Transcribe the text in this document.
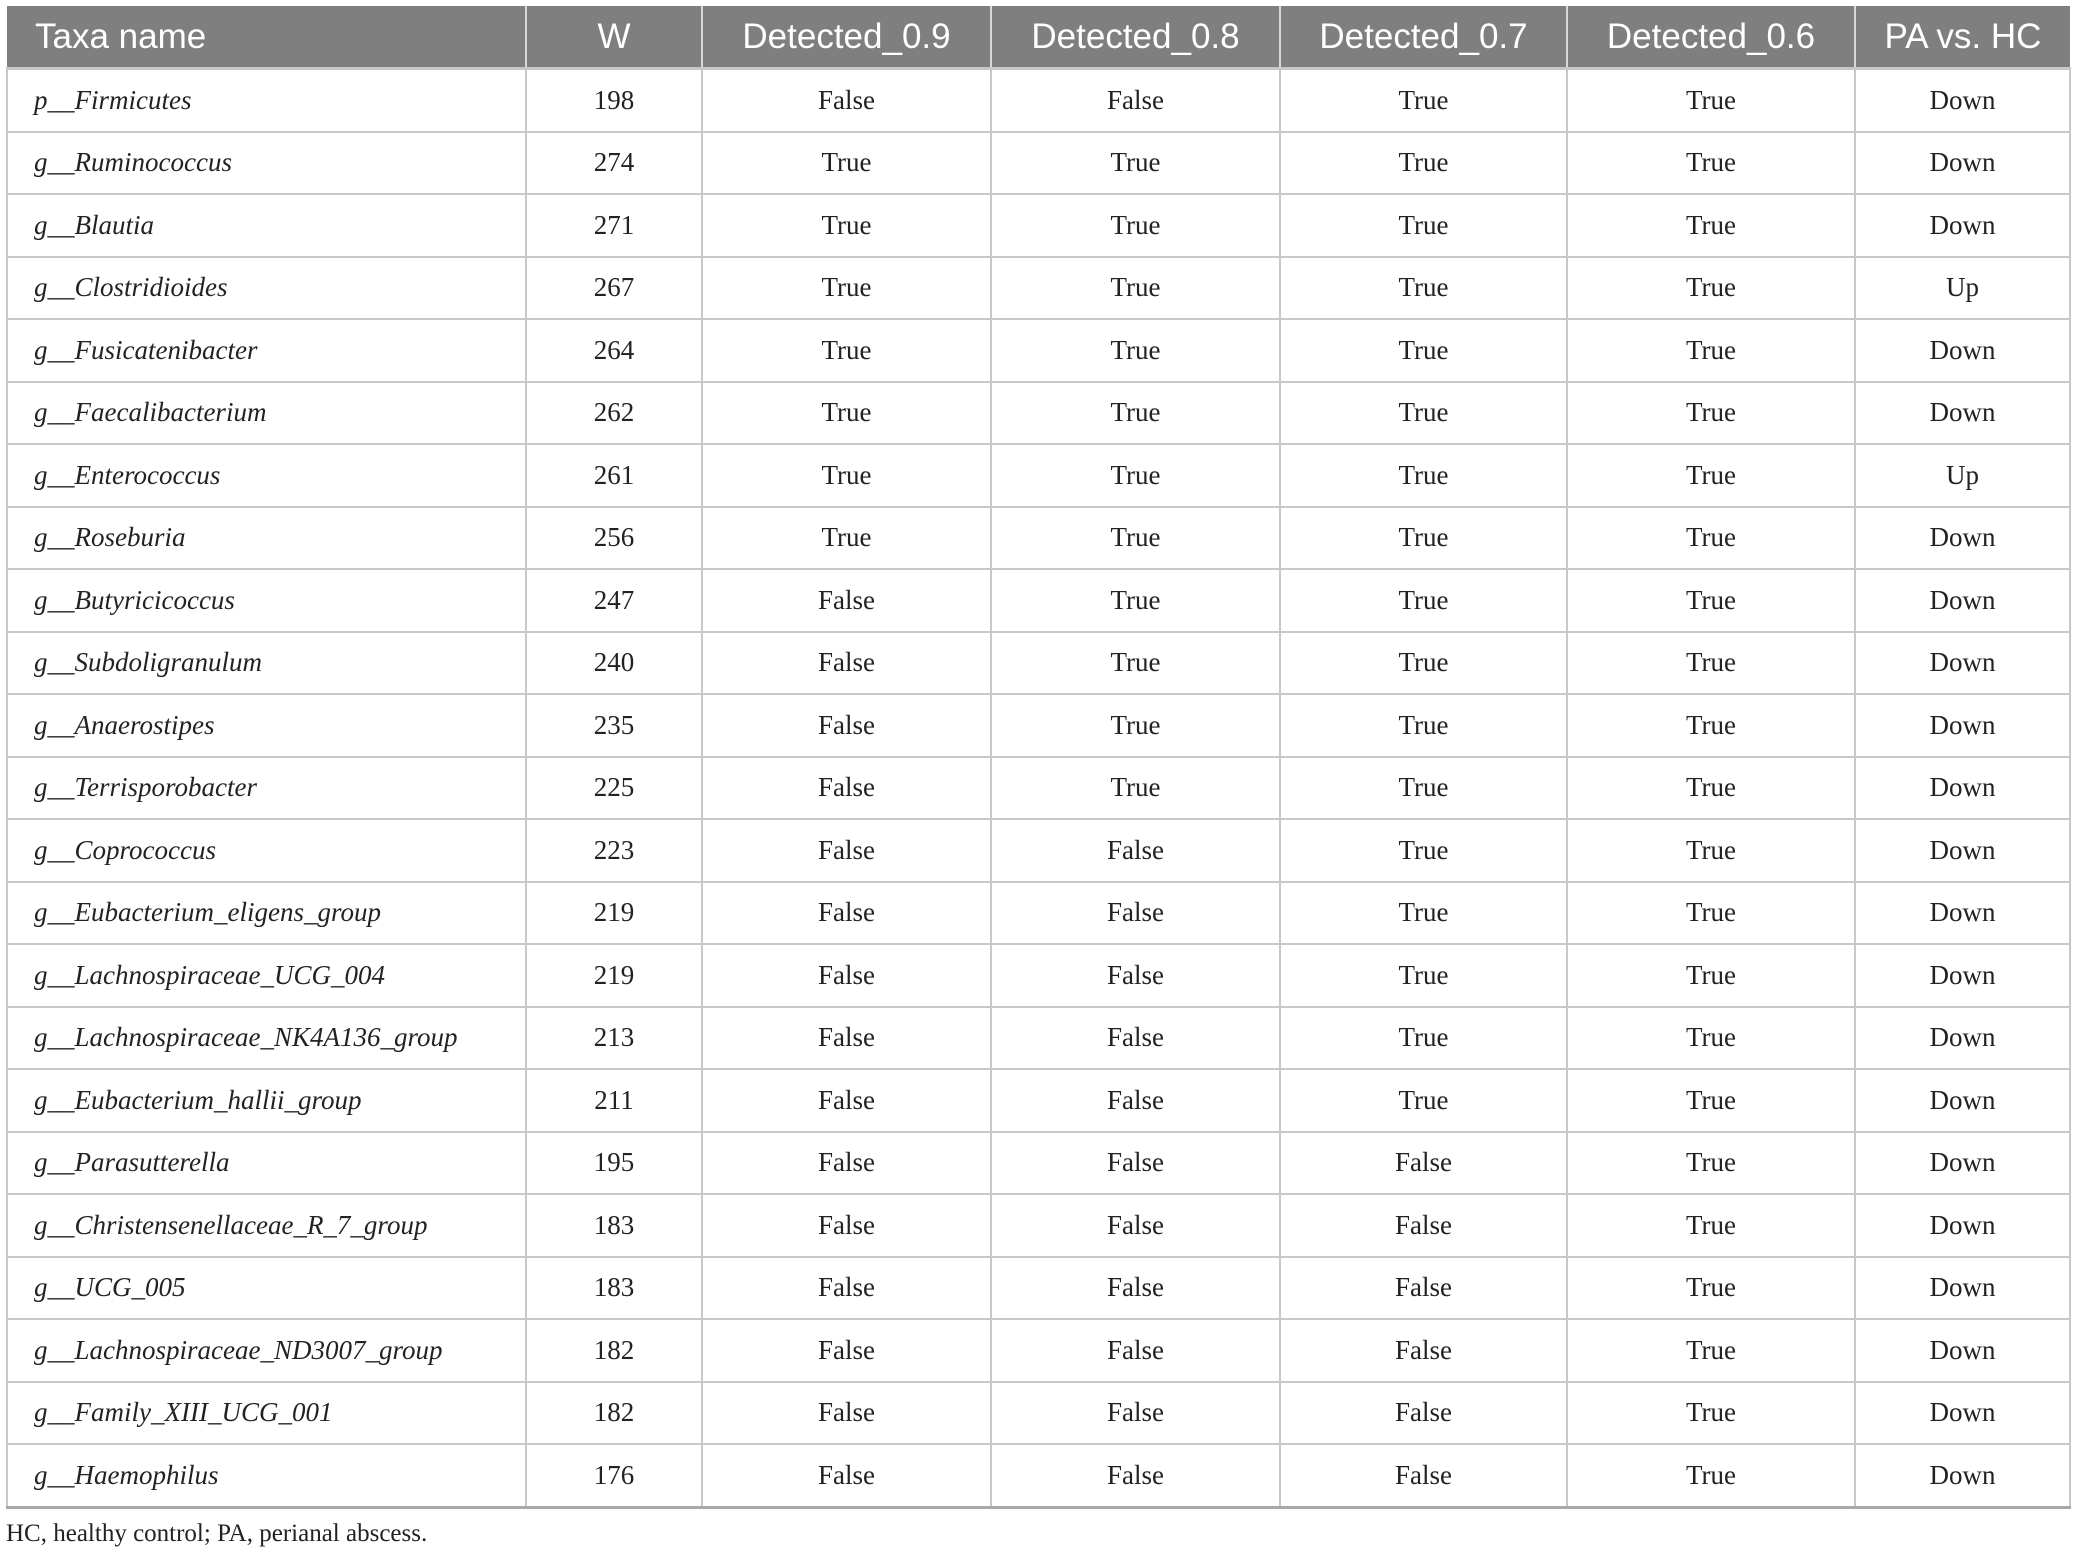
Taxa name	W	Detected_0.9	Detected_0.8	Detected_0.7	Detected_0.6	PA vs. HC
p__Firmicutes	198	False	False	True	True	Down
g__Ruminococcus	274	True	True	True	True	Down
g__Blautia	271	True	True	True	True	Down
g__Clostridioides	267	True	True	True	True	Up
g__Fusicatenibacter	264	True	True	True	True	Down
g__Faecalibacterium	262	True	True	True	True	Down
g__Enterococcus	261	True	True	True	True	Up
g__Roseburia	256	True	True	True	True	Down
g__Butyricicoccus	247	False	True	True	True	Down
g__Subdoligranulum	240	False	True	True	True	Down
g__Anaerostipes	235	False	True	True	True	Down
g__Terrisporobacter	225	False	True	True	True	Down
g__Coprococcus	223	False	False	True	True	Down
g__Eubacterium_eligens_group	219	False	False	True	True	Down
g__Lachnospiraceae_UCG_004	219	False	False	True	True	Down
g__Lachnospiraceae_NK4A136_group	213	False	False	True	True	Down
g__Eubacterium_hallii_group	211	False	False	True	True	Down
g__Parasutterella	195	False	False	False	True	Down
g__Christensenellaceae_R_7_group	183	False	False	False	True	Down
g__UCG_005	183	False	False	False	True	Down
g__Lachnospiraceae_ND3007_group	182	False	False	False	True	Down
g__Family_XIII_UCG_001	182	False	False	False	True	Down
g__Haemophilus	176	False	False	False	True	Down
HC, healthy control; PA, perianal abscess.
